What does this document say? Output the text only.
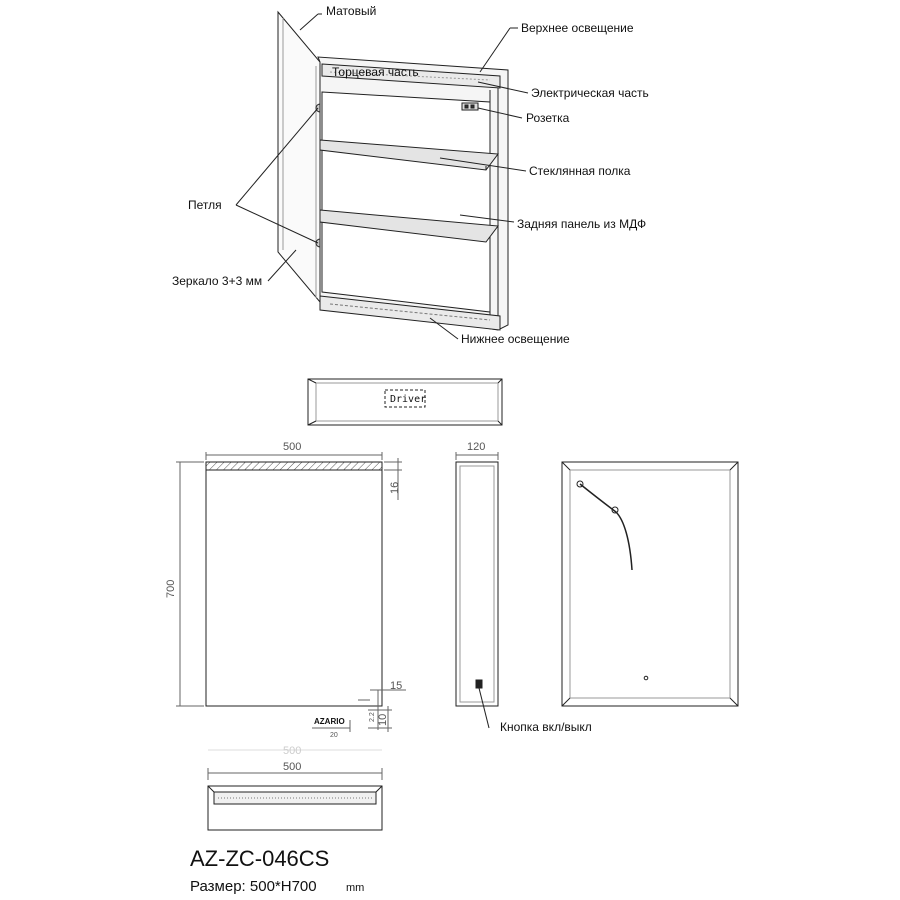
Матовый
Верхнее освещение
Торцевая часть
Электрическая часть
Розетка
Стеклянная полка
Задняя панель из МДФ
Петля
Зеркало 3+3 мм
Нижнее освещение
Driver
500
700
16
15
10
2.2
20
AZARIO
120
Кнопка вкл/выкл
500
500
AZ-ZC-046CS
Размер: 500*H700	mm
